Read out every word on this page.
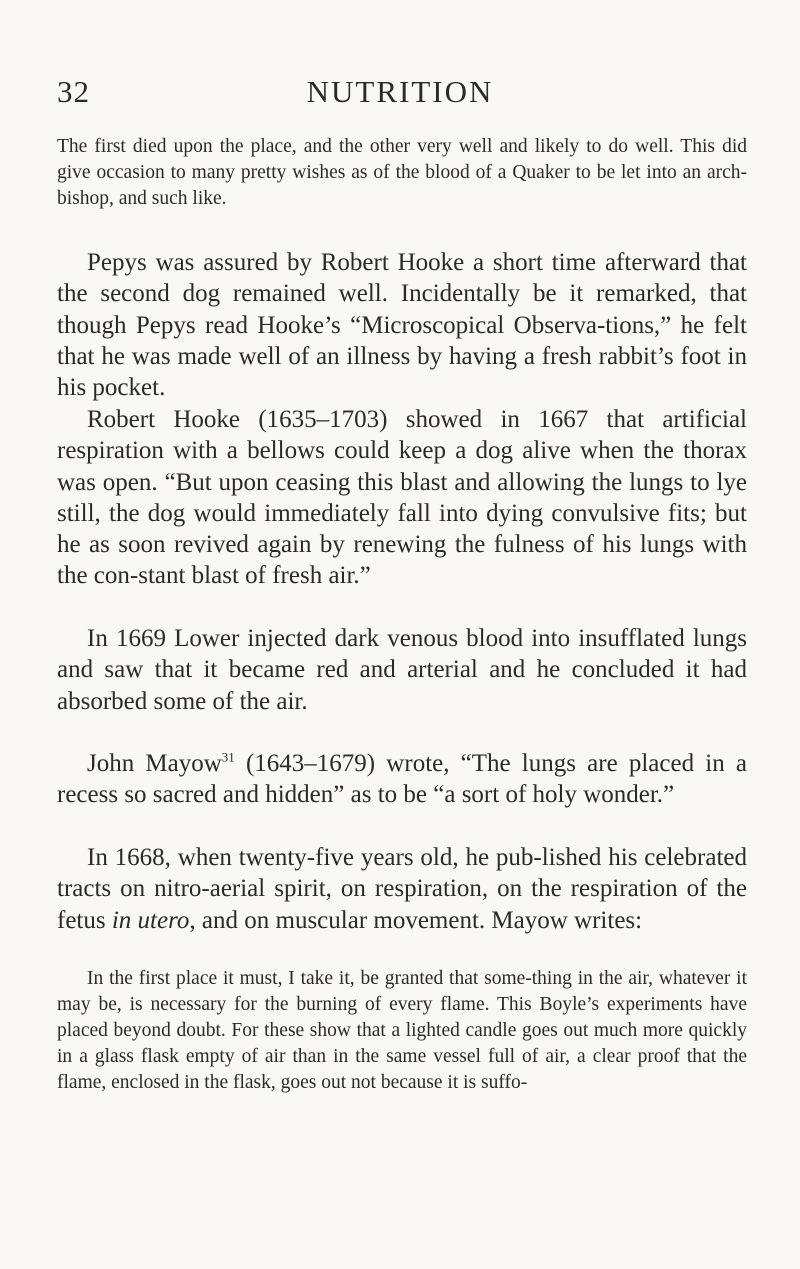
32	NUTRITION

The first died upon the place, and the other very well and likely to do well. This did give occasion to many pretty wishes as of the blood of a Quaker to be let into an arch-bishop, and such like.

Pepys was assured by Robert Hooke a short time afterward that the second dog remained well. Incidentally be it remarked, that though Pepys read Hooke’s “Microscopical Observa-tions,” he felt that he was made well of an illness by having a fresh rabbit’s foot in his pocket.

Robert Hooke (1635–1703) showed in 1667 that artificial respiration with a bellows could keep a dog alive when the thorax was open. “But upon ceasing this blast and allowing the lungs to lye still, the dog would immediately fall into dying convulsive fits; but he as soon revived again by renewing the fulness of his lungs with the con-stant blast of fresh air.”

In 1669 Lower injected dark venous blood into insufflated lungs and saw that it became red and arterial and he concluded it had absorbed some of the air.

John Mayow$^{31}$ (1643–1679) wrote, “The lungs are placed in a recess so sacred and hidden” as to be “a sort of holy wonder.”

In 1668, when twenty-five years old, he pub-lished his celebrated tracts on nitro-aerial spirit, on respiration, on the respiration of the fetus in utero, and on muscular movement. Mayow writes:

In the first place it must, I take it, be granted that some-thing in the air, whatever it may be, is necessary for the burning of every flame. This Boyle’s experiments have placed beyond doubt. For these show that a lighted candle goes out much more quickly in a glass flask empty of air than in the same vessel full of air, a clear proof that the flame, enclosed in the flask, goes out not because it is suffo-
